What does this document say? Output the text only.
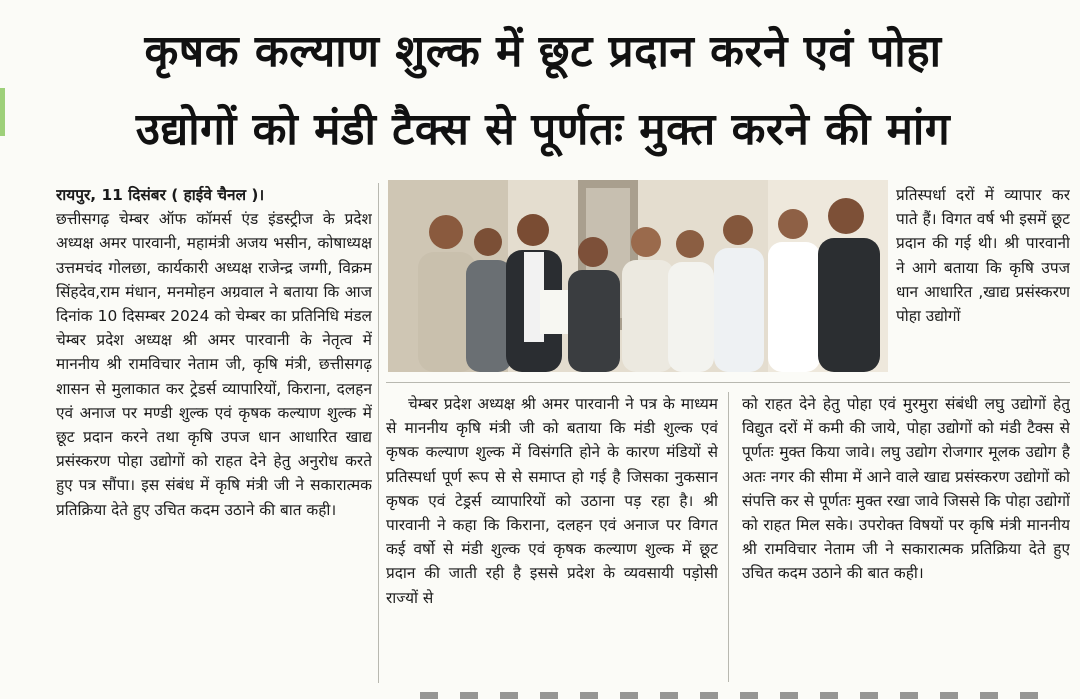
कृषक कल्याण शुल्क में छूट प्रदान करने एवं पोहा
उद्योगों को मंडी टैक्स से पूर्णतः मुक्त करने की मांग

रायपुर, 11 दिसंबर ( हाईवे चैनल )।
छत्तीसगढ़ चेम्बर ऑफ कॉमर्स एंड इंडस्ट्रीज के प्रदेश अध्यक्ष अमर पारवानी, महामंत्री अजय भसीन, कोषाध्यक्ष उत्तमचंद गोलछा, कार्यकारी अध्यक्ष राजेन्द्र जग्गी, विक्रम सिंहदेव,राम मंधान, मनमोहन अग्रवाल ने बताया कि आज दिनांक 10 दिसम्बर 2024 को चेम्बर का प्रतिनिधि मंडल चेम्बर प्रदेश अध्यक्ष श्री अमर पारवानी के नेतृत्व में माननीय श्री रामविचार नेताम जी, कृषि मंत्री, छत्तीसगढ़ शासन से मुलाकात कर ट्रेडर्स व्यापारियों, किराना, दलहन एवं अनाज पर मण्डी शुल्क एवं कृषक कल्याण शुल्क में छूट प्रदान करने तथा कृषि उपज धान आधारित खाद्य प्रसंस्करण पोहा उद्योगों को राहत देने हेतु अनुरोध करते हुए पत्र सौंपा। इस संबंध में कृषि मंत्री जी ने सकारात्मक प्रतिक्रिया देते हुए उचित कदम उठाने की बात कही।

चेम्बर प्रदेश अध्यक्ष श्री अमर पारवानी ने पत्र के माध्यम से माननीय कृषि मंत्री जी को बताया कि मंडी शुल्क एवं कृषक कल्याण शुल्क में विसंगति होने के कारण मंडियों से प्रतिस्पर्धा पूर्ण रूप से से समाप्त हो गई है जिसका नुकसान कृषक एवं टेड्रर्स व्यापारियों को उठाना पड़ रहा है। श्री पारवानी ने कहा कि किराना, दलहन एवं अनाज पर विगत कई वर्षो से मंडी शुल्क एवं कृषक कल्याण शुल्क में छूट प्रदान की जाती रही है इससे प्रदेश के व्यवसायी पड़ोसी राज्यों से

प्रतिस्पर्धा दरों में व्यापार कर पाते हैं। विगत वर्ष भी इसमें छूट प्रदान की गई थी। श्री पारवानी ने आगे बताया कि कृषि उपज धान आधारित ,खाद्य प्रसंस्करण पोहा उद्योगों

को राहत देने हेतु पोहा एवं मुरमुरा संबंधी लघु उद्योगों हेतु विद्युत दरों में कमी की जाये, पोहा उद्योगों को मंडी टैक्स से पूर्णतः मुक्त किया जावे। लघु उद्योग रोजगार मूलक उद्योग है अतः नगर की सीमा में आने वाले खाद्य प्रसंस्करण उद्योगों को संपत्ति कर से पूर्णतः मुक्त रखा जावे जिससे कि पोहा उद्योगों को राहत मिल सके। उपरोक्त विषयों पर कृषि मंत्री माननीय श्री रामविचार नेताम जी ने सकारात्मक प्रतिक्रिया देते हुए उचित कदम उठाने की बात कही।
